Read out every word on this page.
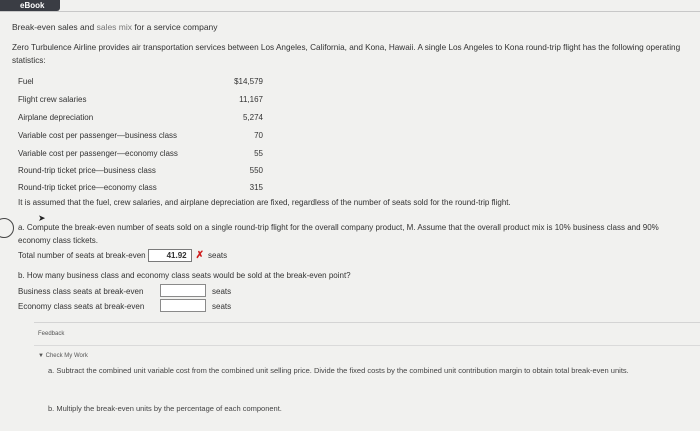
eBook
Break-even sales and sales mix for a service company
Zero Turbulence Airline provides air transportation services between Los Angeles, California, and Kona, Hawaii. A single Los Angeles to Kona round-trip flight has the following operating statistics:
Fuel	$14,579
Flight crew salaries	11,167
Airplane depreciation	5,274
Variable cost per passenger—business class	70
Variable cost per passenger—economy class	55
Round-trip ticket price—business class	550
Round-trip ticket price—economy class	315
It is assumed that the fuel, crew salaries, and airplane depreciation are fixed, regardless of the number of seats sold for the round-trip flight.
➤
a. Compute the break-even number of seats sold on a single round-trip flight for the overall company product, M. Assume that the overall product mix is 10% business class and 90% economy class tickets.
Total number of seats at break-even	41.92 ✗ seats
b. How many business class and economy class seats would be sold at the break-even point?
Business class seats at break-even	seats
Economy class seats at break-even	seats
Feedback
▼ Check My Work
a. Subtract the combined unit variable cost from the combined unit selling price. Divide the fixed costs by the combined unit contribution margin to obtain total break-even units.
b. Multiply the break-even units by the percentage of each component.
